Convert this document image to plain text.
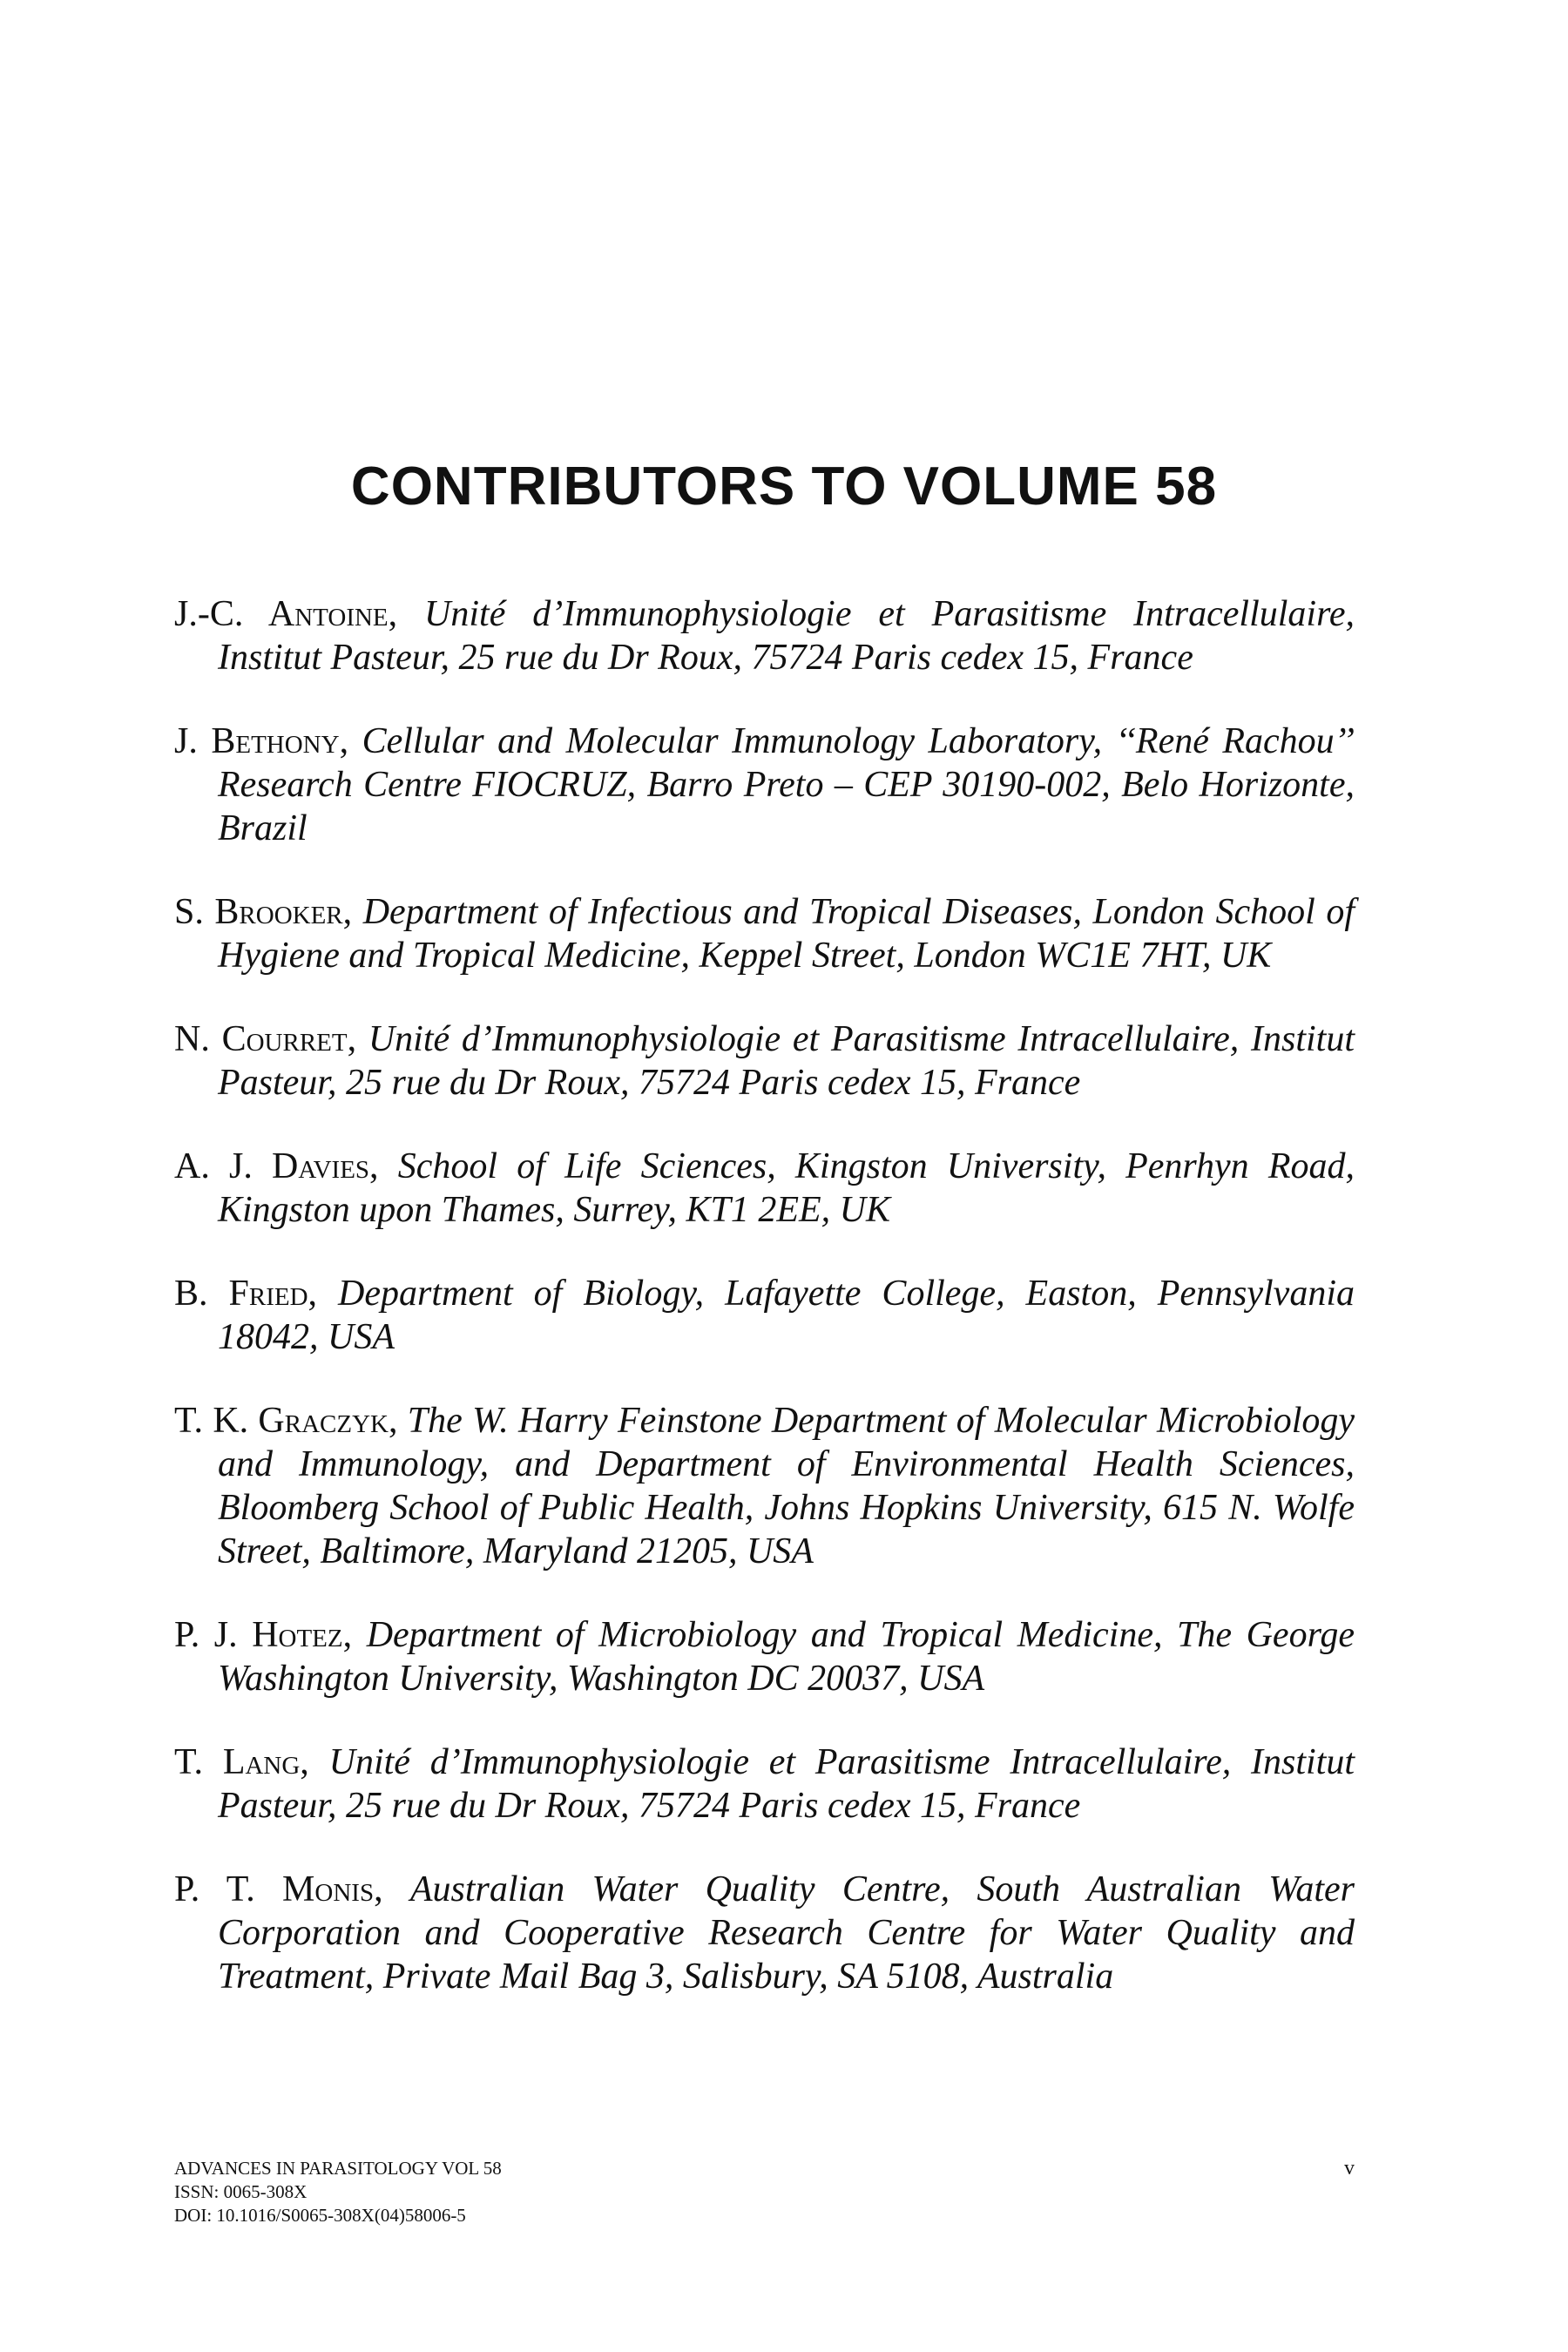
CONTRIBUTORS TO VOLUME 58

J.-C. Antoine, Unité d’Immunophysiologie et Parasitisme Intracellulaire, Institut Pasteur, 25 rue du Dr Roux, 75724 Paris cedex 15, France

J. Bethony, Cellular and Molecular Immunology Laboratory, ‘‘René Rachou’’ Research Centre FIOCRUZ, Barro Preto – CEP 30190-002, Belo Horizonte, Brazil

S. Brooker, Department of Infectious and Tropical Diseases, London School of Hygiene and Tropical Medicine, Keppel Street, London WC1E 7HT, UK

N. Courret, Unité d’Immunophysiologie et Parasitisme Intracellulaire, Institut Pasteur, 25 rue du Dr Roux, 75724 Paris cedex 15, France

A. J. Davies, School of Life Sciences, Kingston University, Penrhyn Road, Kingston upon Thames, Surrey, KT1 2EE, UK

B. Fried, Department of Biology, Lafayette College, Easton, Pennsylvania 18042, USA

T. K. Graczyk, The W. Harry Feinstone Department of Molecular Microbiology and Immunology, and Department of Environmental Health Sciences, Bloomberg School of Public Health, Johns Hopkins University, 615 N. Wolfe Street, Baltimore, Maryland 21205, USA

P. J. Hotez, Department of Microbiology and Tropical Medicine, The George Washington University, Washington DC 20037, USA

T. Lang, Unité d’Immunophysiologie et Parasitisme Intracellulaire, Institut Pasteur, 25 rue du Dr Roux, 75724 Paris cedex 15, France

P. T. Monis, Australian Water Quality Centre, South Australian Water Corporation and Cooperative Research Centre for Water Quality and Treatment, Private Mail Bag 3, Salisbury, SA 5108, Australia

ADVANCES IN PARASITOLOGY VOL 58
ISSN: 0065-308X
DOI: 10.1016/S0065-308X(04)58006-5
v
